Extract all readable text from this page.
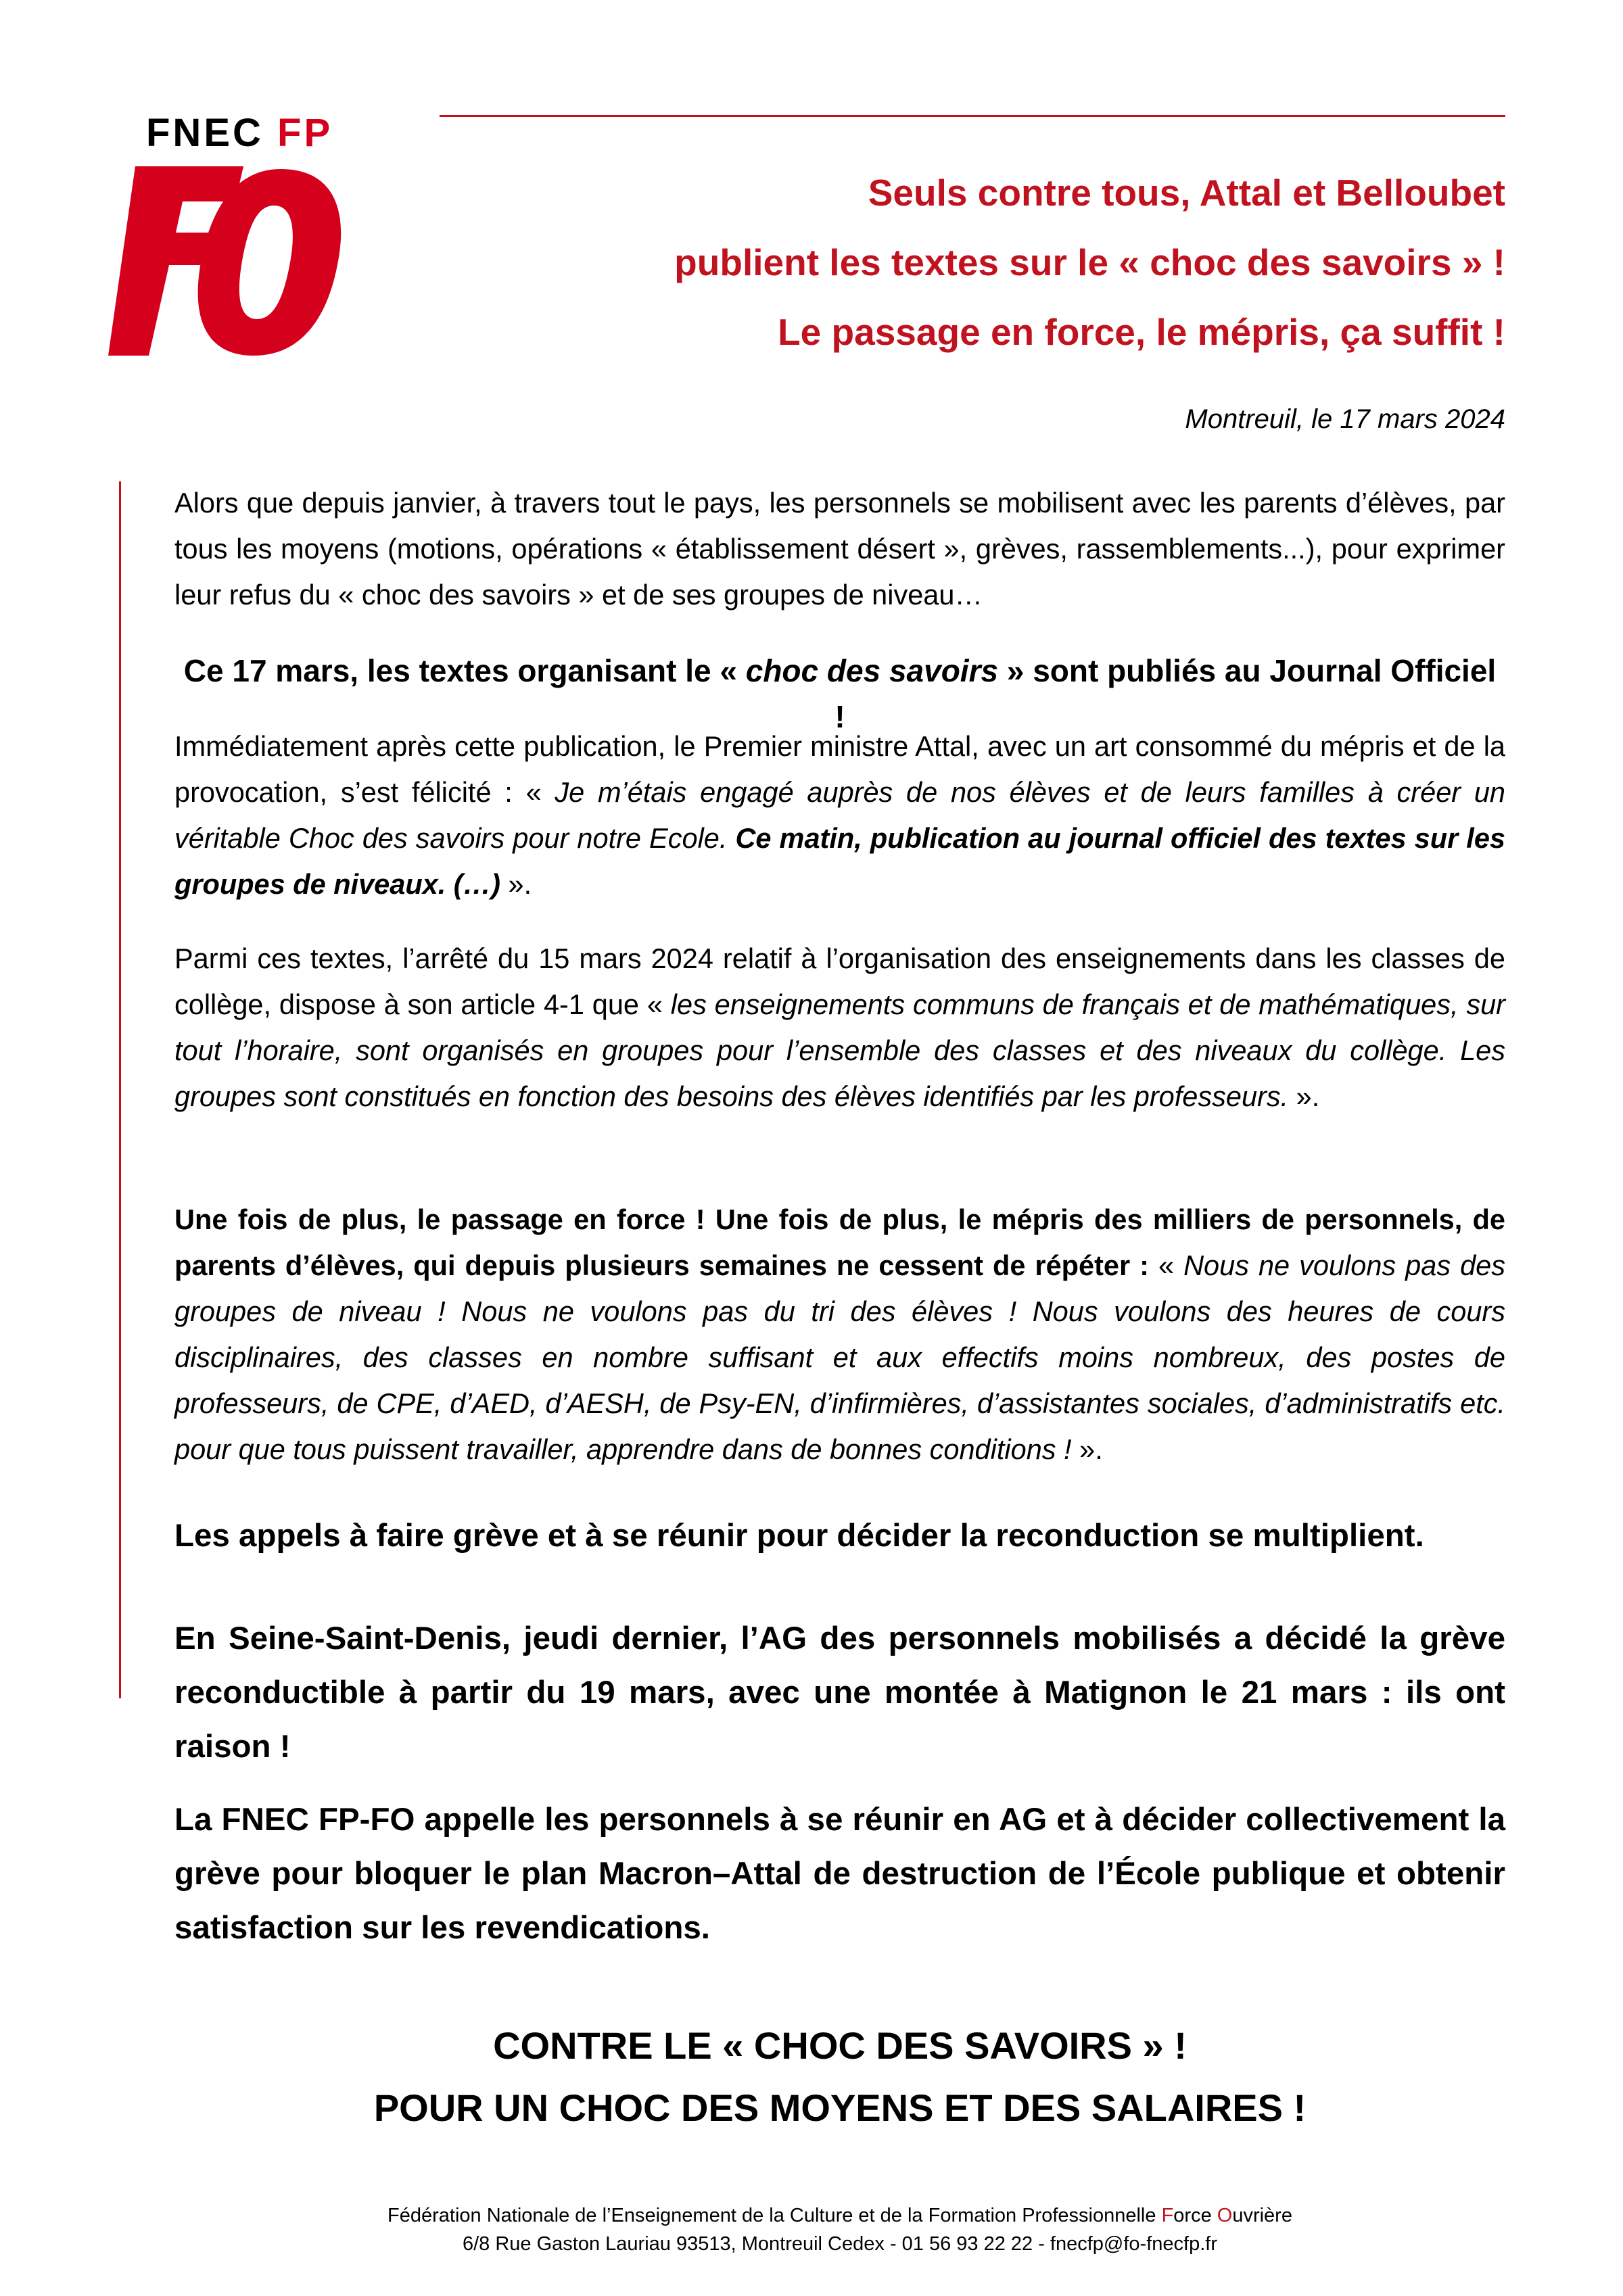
FNEC FP
Seuls contre tous, Attal et Belloubet
publient les textes sur le « choc des savoirs » !
Le passage en force, le mépris, ça suffit !
Montreuil, le 17 mars 2024

Alors que depuis janvier, à travers tout le pays, les personnels se mobilisent avec les parents d’élèves, par tous les moyens (motions, opérations « établissement désert », grèves, rassemblements...), pour exprimer leur refus du « choc des savoirs » et de ses groupes de niveau…

Ce 17 mars, les textes organisant le « choc des savoirs » sont publiés au Journal Officiel !

Immédiatement après cette publication, le Premier ministre Attal, avec un art consommé du mépris et de la provocation, s’est félicité : « Je m’étais engagé auprès de nos élèves et de leurs familles à créer un véritable Choc des savoirs pour notre Ecole. Ce matin, publication au journal officiel des textes sur les groupes de niveaux. (…) ».

Parmi ces textes, l’arrêté du 15 mars 2024 relatif à l’organisation des enseignements dans les classes de collège, dispose à son article 4-1 que « les enseignements communs de français et de mathématiques, sur tout l’horaire, sont organisés en groupes pour l’ensemble des classes et des niveaux du collège. Les groupes sont constitués en fonction des besoins des élèves identifiés par les professeurs. ».

Une fois de plus, le passage en force ! Une fois de plus, le mépris des milliers de personnels, de parents d’élèves, qui depuis plusieurs semaines ne cessent de répéter : « Nous ne voulons pas des groupes de niveau ! Nous ne voulons pas du tri des élèves ! Nous voulons des heures de cours disciplinaires, des classes en nombre suffisant et aux effectifs moins nombreux, des postes de professeurs, de CPE, d’AED, d’AESH, de Psy-EN, d’infirmières, d’assistantes sociales, d’administratifs etc. pour que tous puissent travailler, apprendre dans de bonnes conditions ! ».

Les appels à faire grève et à se réunir pour décider la reconduction se multiplient.

En Seine-Saint-Denis, jeudi dernier, l’AG des personnels mobilisés a décidé la grève reconductible à partir du 19 mars, avec une montée à Matignon le 21 mars : ils ont raison !

La FNEC FP-FO appelle les personnels à se réunir en AG et à décider collectivement la grève pour bloquer le plan Macron–Attal de destruction de l’École publique et obtenir satisfaction sur les revendications.

CONTRE LE « CHOC DES SAVOIRS » !
POUR UN CHOC DES MOYENS ET DES SALAIRES !
Fédération Nationale de l’Enseignement de la Culture et de la Formation Professionnelle Force Ouvrière
6/8 Rue Gaston Lauriau 93513, Montreuil Cedex - 01 56 93 22 22 - fnecfp@fo-fnecfp.fr
